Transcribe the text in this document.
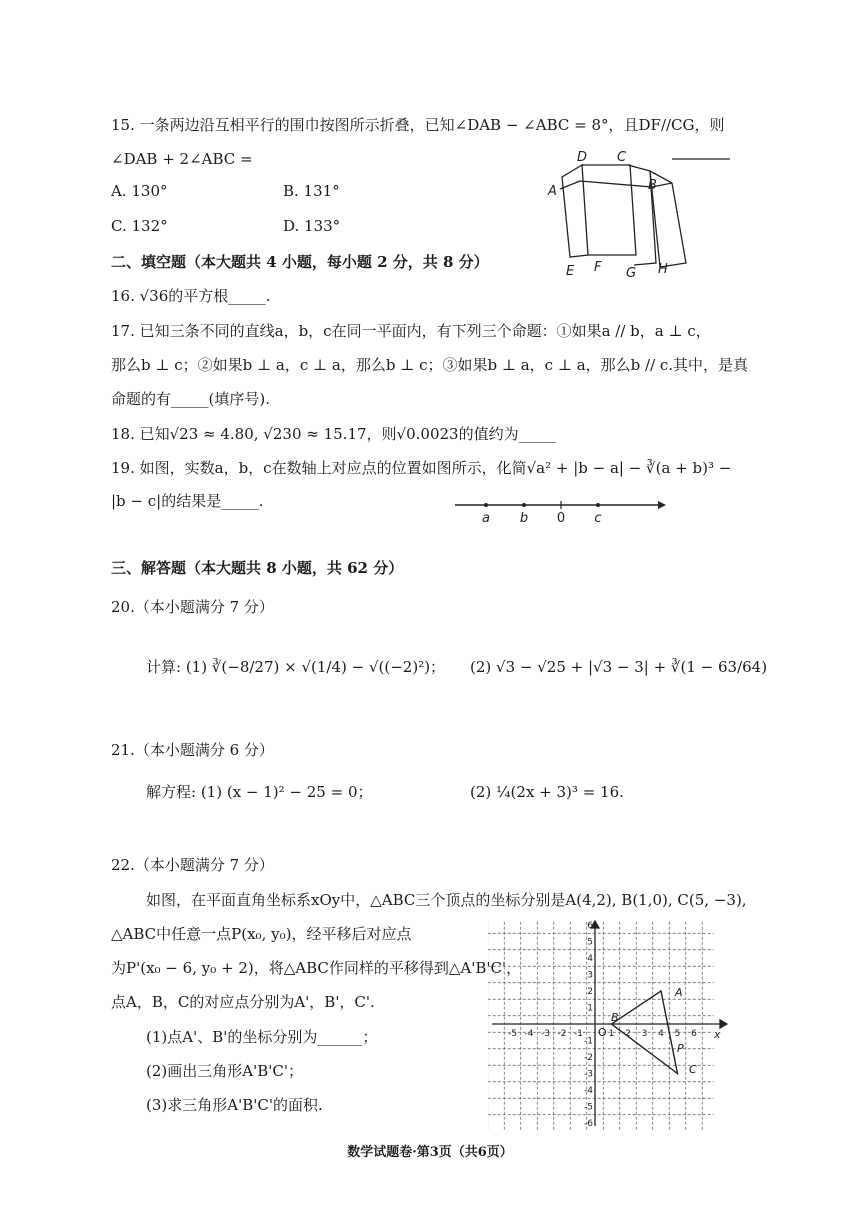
15. 一条两边沿互相平行的围巾按图所示折叠，已知∠DAB − ∠ABC = 8°，且DF//CG，则
∠DAB + 2∠ABC =
A. 130°	B. 131°
C. 132°	D. 133°
D C
A	B
E F G H
二、填空题（本大题共 4 小题，每小题 2 分，共 8 分）
16. √36的平方根_____.
17. 已知三条不同的直线a，b，c在同一平面内，有下列三个命题：①如果a // b，a ⊥ c，
那么b ⊥ c；②如果b ⊥ a，c ⊥ a，那么b ⊥ c；③如果b ⊥ a，c ⊥ a，那么b // c.其中，是真
命题的有_____(填序号).
18. 已知√23 ≈ 4.80, √230 ≈ 15.17，则√0.0023的值约为_____
19. 如图，实数a，b，c在数轴上对应点的位置如图所示，化简√a² + |b − a| − ∛(a + b)³ −
|b − c|的结果是_____.
a b 0 c
三、解答题（本大题共 8 小题，共 62 分）
20.（本小题满分 7 分）
计算: (1) ∛(−8/27) × √(1/4) − √((−2)²)； (2) √3 − √25 + |√3 − 3| + ∛(1 − 63/64)
21.（本小题满分 6 分）
解方程: (1) (x − 1)² − 25 = 0；	(2) ¼(2x + 3)³ = 16.
22.（本小题满分 7 分）
如图，在平面直角坐标系xOy中，△ABC三个顶点的坐标分别是A(4,2), B(1,0), C(5, −3),
△ABC中任意一点P(x₀, y₀)，经平移后对应点
为P'(x₀ − 6, y₀ + 2)，将△ABC作同样的平移得到△A'B'C'，
点A，B，C的对应点分别为A'，B'，C'.
(1)点A'、B'的坐标分别为______；
(2)画出三角形A'B'C'；
(3)求三角形A'B'C'的面积.
-5 -4 -3 -2 -1	1 2 3 4 5 6
6
5
4
3
2
1
-1
-2
-3
-4
-5
-6
O	x
A
B
C
P
数学试题卷·第3页（共6页）
